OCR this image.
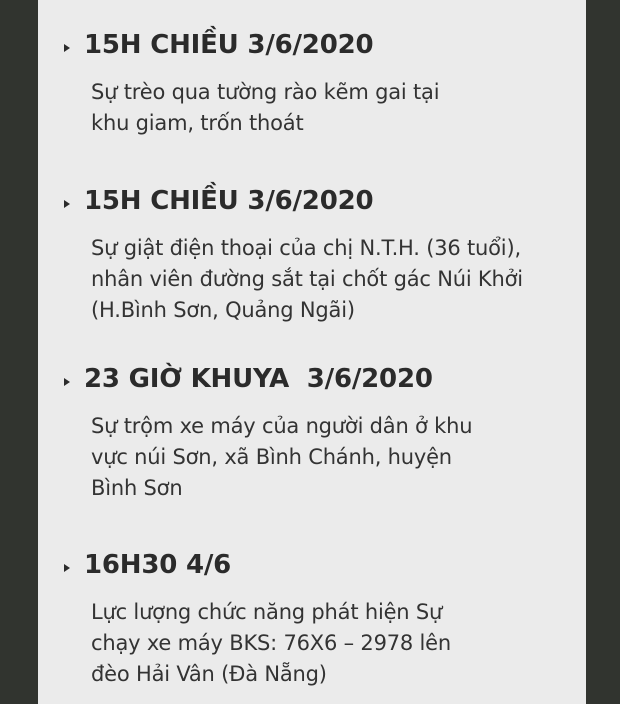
15H CHIỀU 3/6/2020

Sự trèo qua tường rào kẽm gai tại khu giam, trốn thoát

15H CHIỀU 3/6/2020

Sự giật điện thoại của chị N.T.H. (36 tuổi), nhân viên đường sắt tại chốt gác Núi Khởi (H.Bình Sơn, Quảng Ngãi)

23 GIỜ KHUYA  3/6/2020

Sự trộm xe máy của người dân ở khu vực núi Sơn, xã Bình Chánh, huyện Bình Sơn

16H30 4/6

Lực lượng chức năng phát hiện Sự chạy xe máy BKS: 76X6 – 2978 lên đèo Hải Vân (Đà Nẵng)
